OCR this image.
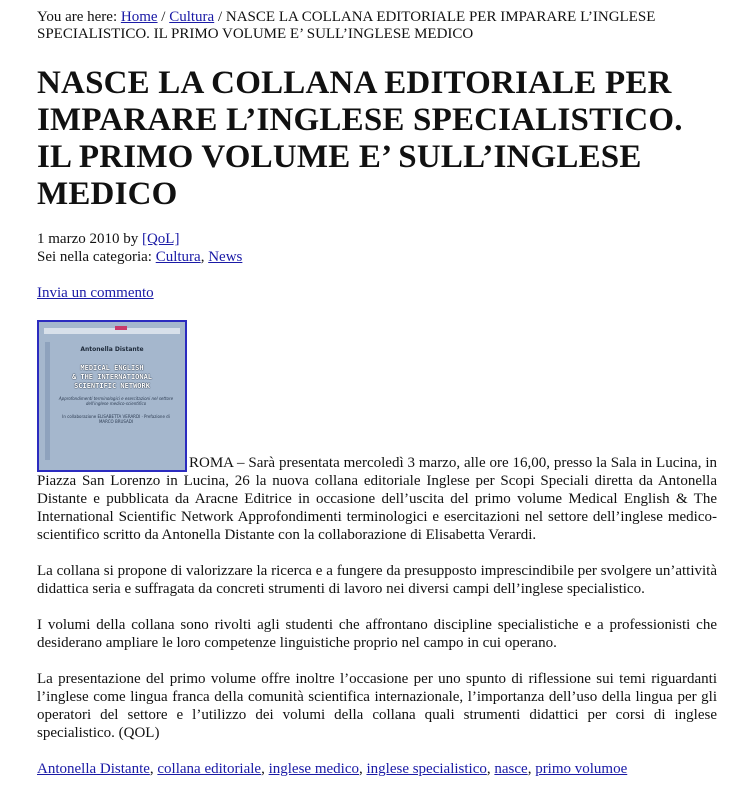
You are here: Home / Cultura / NASCE LA COLLANA EDITORIALE PER IMPARARE L’INGLESE SPECIALISTICO. IL PRIMO VOLUME E’ SULL’INGLESE MEDICO
NASCE LA COLLANA EDITORIALE PER IMPARARE L’INGLESE SPECIALISTICO. IL PRIMO VOLUME E’ SULL’INGLESE MEDICO
1 marzo 2010 by [QoL]
Sei nella categoria: Cultura, News
Invia un commento
Antonella Distante
MEDICAL ENGLISH
& THE INTERNATIONAL
SCIENTIFIC NETWORK
Approfondimenti terminologici e esercitazioni nel settore dell'inglese medico-scientifico
In collaborazione ELISABETTA VERARDI · Prefazione di MARCO BRUSADI

ROMA – Sarà presentata mercoledì 3 marzo, alle ore 16,00, presso la Sala in Lucina, in Piazza San Lorenzo in Lucina, 26 la nuova collana editoriale Inglese per Scopi Speciali diretta da Antonella Distante e pubblicata da Aracne Editrice in occasione dell’uscita del primo volume Medical English & The International Scientific Network Approfondimenti terminologici e esercitazioni nel settore dell’inglese medico-scientifico scritto da Antonella Distante con la collaborazione di Elisabetta Verardi.

La collana si propone di valorizzare la ricerca e a fungere da presupposto imprescindibile per svolgere un’attività didattica seria e suffragata da concreti strumenti di lavoro nei diversi campi dell’inglese specialistico.

I volumi della collana sono rivolti agli studenti che affrontano discipline specialistiche e a professionisti che desiderano ampliare le loro competenze linguistiche proprio nel campo in cui operano.

La presentazione del primo volume offre inoltre l’occasione per uno spunto di riflessione sui temi riguardanti l’inglese come lingua franca della comunità scientifica internazionale, l’importanza dell’uso della lingua per gli operatori del settore e l’utilizzo dei volumi della collana quali strumenti didattici per corsi di inglese specialistico. (QOL)

Antonella Distante, collana editoriale, inglese medico, inglese specialistico, nasce, primo volumoe
